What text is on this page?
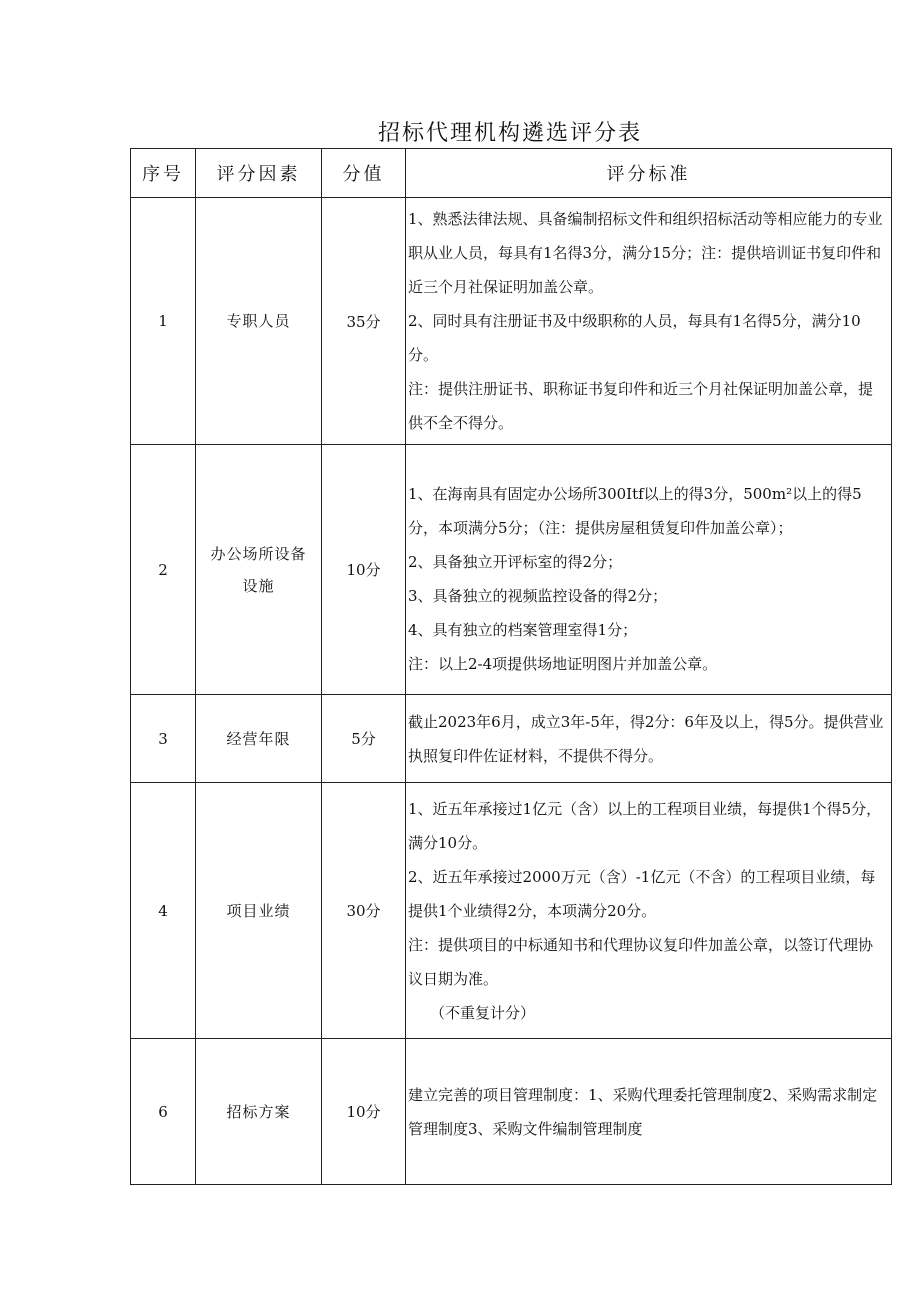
招标代理机构遴选评分表
序号	评分因素	分值	评分标准
1	专职人员	35分	1、熟悉法律法规、具备编制招标文件和组织招标活动等相应能力的专业职从业人员，每具有1名得3分，满分15分；注：提供培训证书复印件和近三个月社保证明加盖公章。

2、同时具有注册证书及中级职称的人员，每具有1名得5分，满分10分。

注：提供注册证书、职称证书复印件和近三个月社保证明加盖公章，提供不全不得分。

2	办公场所设备设施	10分	1、在海南具有固定办公场所300Itf以上的得3分，500m²以上的得5分，本项满分5分；（注：提供房屋租赁复印件加盖公章）；

2、具备独立开评标室的得2分；

3、具备独立的视频监控设备的得2分；

4、具有独立的档案管理室得1分；

注：以上2-4项提供场地证明图片并加盖公章。

3	经营年限	5分	截止2023年6月，成立3年-5年，得2分：6年及以上，得5分。提供营业执照复印件佐证材料，不提供不得分。

4	项目业绩	30分	1、近五年承接过1亿元（含）以上的工程项目业绩，每提供1个得5分，满分10分。

2、近五年承接过2000万元（含）-1亿元（不含）的工程项目业绩，每提供1个业绩得2分，本项满分20分。

注：提供项目的中标通知书和代理协议复印件加盖公章，以签订代理协议日期为准。

（不重复计分）

6	招标方案	10分	建立完善的项目管理制度：1、采购代理委托管理制度2、采购需求制定管理制度3、采购文件编制管理制度
